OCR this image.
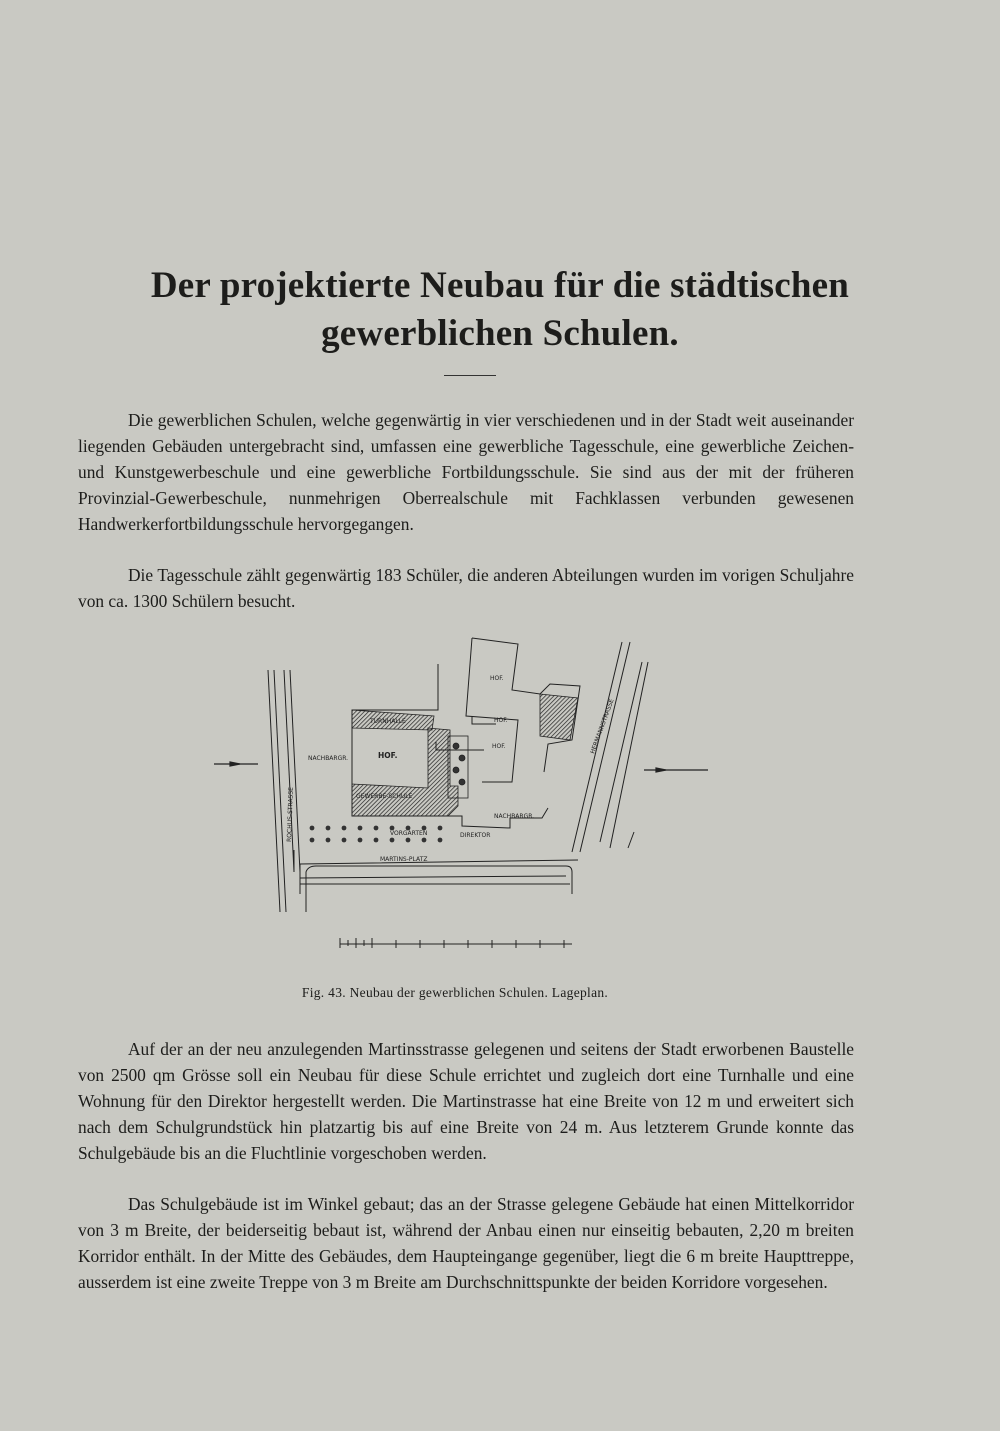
Der projektierte Neubau für die städtischen gewerblichen Schulen.

Die gewerblichen Schulen, welche gegenwärtig in vier verschiedenen und in der Stadt weit auseinander liegenden Gebäuden untergebracht sind, umfassen eine gewerbliche Tagesschule, eine gewerbliche Zeichen- und Kunstgewerbeschule und eine gewerbliche Fortbildungsschule. Sie sind aus der mit der früheren Provinzial-Gewerbeschule, nunmehrigen Oberrealschule mit Fachklassen verbunden gewesenen Handwerkerfortbildungsschule hervorgegangen.

Die Tagesschule zählt gegenwärtig 183 Schüler, die anderen Abteilungen wurden im vorigen Schuljahre von ca. 1300 Schülern besucht.

ROCHUS-STRASSE
MARTINS-PLATZ
HOF.
HOF.
HOF.
HOF.
GEWERBE-SCHULE
TURNHALLE
NACHBARGR.
NACHBARGR.
DIREKTOR
VORGARTEN
HERMANNSTRASSE

Fig. 43. Neubau der gewerblichen Schulen. Lageplan.

Auf der an der neu anzulegenden Martinsstrasse gelegenen und seitens der Stadt erworbenen Baustelle von 2500 qm Grösse soll ein Neubau für diese Schule errichtet und zugleich dort eine Turnhalle und eine Wohnung für den Direktor hergestellt werden. Die Martinstrasse hat eine Breite von 12 m und erweitert sich nach dem Schulgrundstück hin platzartig bis auf eine Breite von 24 m. Aus letzterem Grunde konnte das Schulgebäude bis an die Fluchtlinie vorgeschoben werden.

Das Schulgebäude ist im Winkel gebaut; das an der Strasse gelegene Gebäude hat einen Mittelkorridor von 3 m Breite, der beiderseitig bebaut ist, während der Anbau einen nur einseitig bebauten, 2,20 m breiten Korridor enthält. In der Mitte des Gebäudes, dem Haupteingange gegenüber, liegt die 6 m breite Haupttreppe, ausserdem ist eine zweite Treppe von 3 m Breite am Durchschnittspunkte der beiden Korridore vorgesehen.
